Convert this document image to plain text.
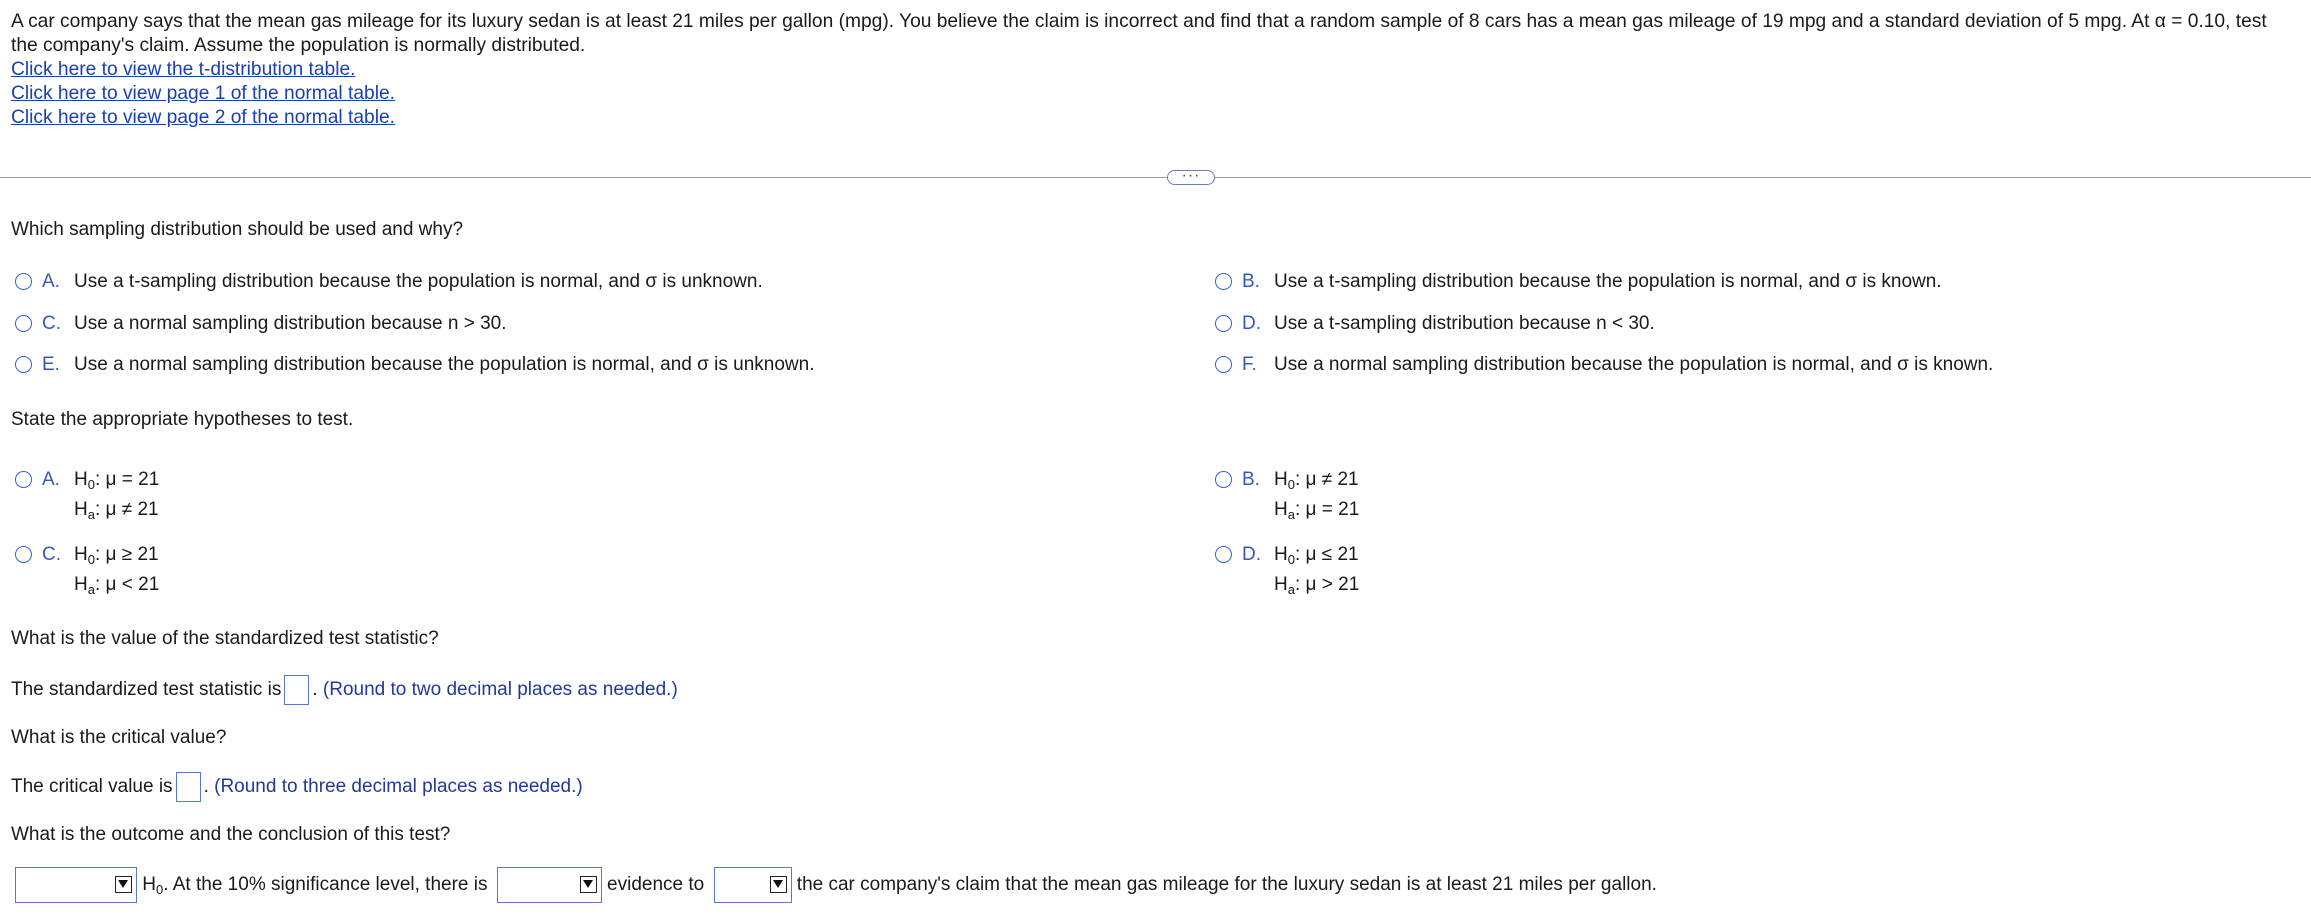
A car company says that the mean gas mileage for its luxury sedan is at least 21 miles per gallon (mpg). You believe the claim is incorrect and find that a random sample of 8 cars has a mean gas mileage of 19 mpg and a standard deviation of 5 mpg. At α = 0.10, test

the company's claim. Assume the population is normally distributed.

Click here to view the t-distribution table.
Click here to view page 1 of the normal table.
Click here to view page 2 of the normal table.
···
Which sampling distribution should be used and why?
A. Use a t-sampling distribution because the population is normal, and σ is unknown.	B. Use a t-sampling distribution because the population is normal, and σ is known.
C. Use a normal sampling distribution because n > 30.	D. Use a t-sampling distribution because n < 30.
E. Use a normal sampling distribution because the population is normal, and σ is unknown.	F. Use a normal sampling distribution because the population is normal, and σ is known.
State the appropriate hypotheses to test.
A. $H_0$: μ = 21
$H_a$: μ ≠ 21
B. $H_0$: μ ≠ 21
$H_a$: μ = 21
C. $H_0$: μ ≥ 21
$H_a$: μ < 21
D. $H_0$: μ ≤ 21
$H_a$: μ > 21
What is the value of the standardized test statistic?
The standardized test statistic is . (Round to two decimal places as needed.)
What is the critical value?
The critical value is . (Round to three decimal places as needed.)
What is the outcome and the conclusion of this test?
$H_0$. At the 10% significance level, there is	evidence to	the car company's claim that the mean gas mileage for the luxury sedan is at least 21 miles per gallon.
